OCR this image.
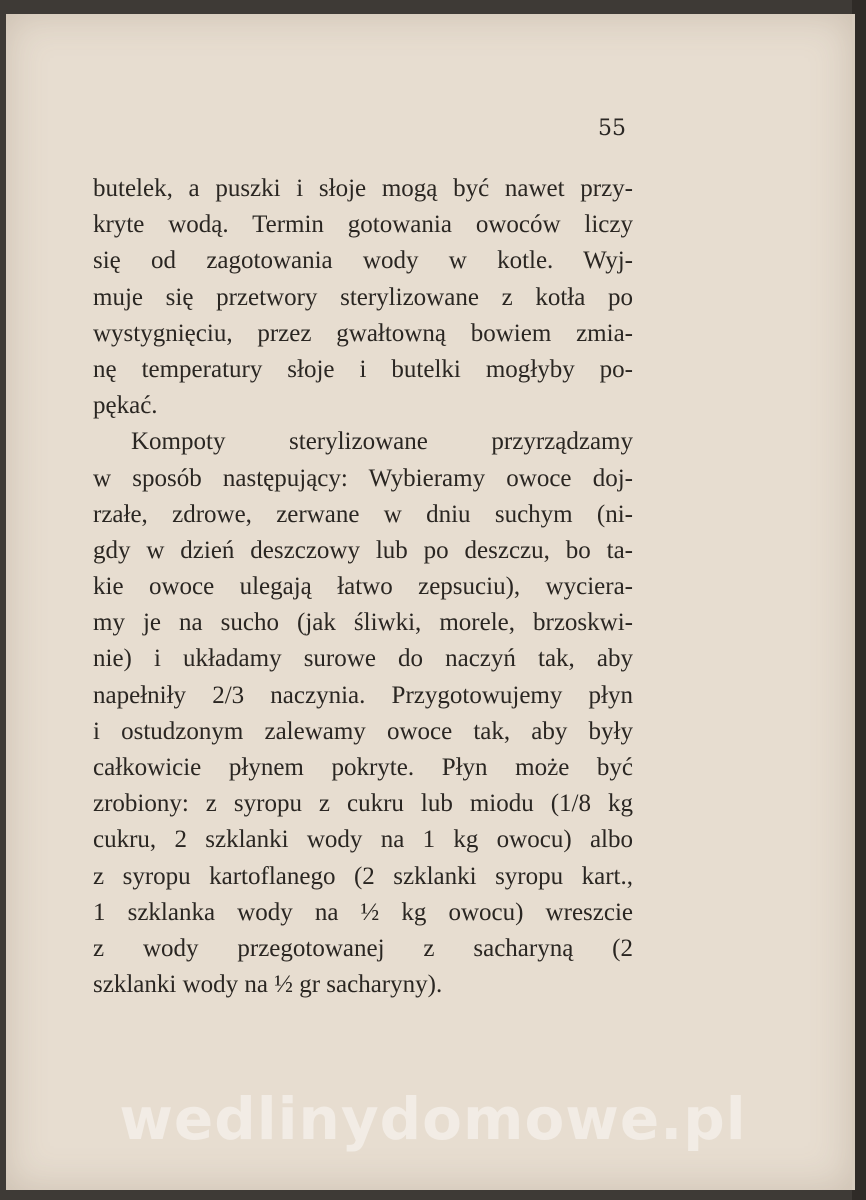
55

butelek, a puszki i słoje mogą być nawet przy-
kryte wodą. Termin gotowania owoców liczy
się od zagotowania wody w kotle. Wyj-
muje się przetwory sterylizowane z kotła po
wystygnięciu, przez gwałtowną bowiem zmia-
nę temperatury słoje i butelki mogłyby po-
pękać.
Kompoty sterylizowane przyrządzamy
w sposób następujący: Wybieramy owoce doj-
rzałe, zdrowe, zerwane w dniu suchym (ni-
gdy w dzień deszczowy lub po deszczu, bo ta-
kie owoce ulegają łatwo zepsuciu), wyciera-
my je na sucho (jak śliwki, morele, brzoskwi-
nie) i układamy surowe do naczyń tak, aby
napełniły 2/3 naczynia. Przygotowujemy płyn
i ostudzonym zalewamy owoce tak, aby były
całkowicie płynem pokryte. Płyn może być
zrobiony: z syropu z cukru lub miodu (1/8 kg
cukru, 2 szklanki wody na 1 kg owocu) albo
z syropu kartoflanego (2 szklanki syropu kart.,
1 szklanka wody na ½ kg owocu) wreszcie
z wody przegotowanej z sacharyną (2
szklanki wody na ½ gr sacharyny).
wedlinydomowe.pl
